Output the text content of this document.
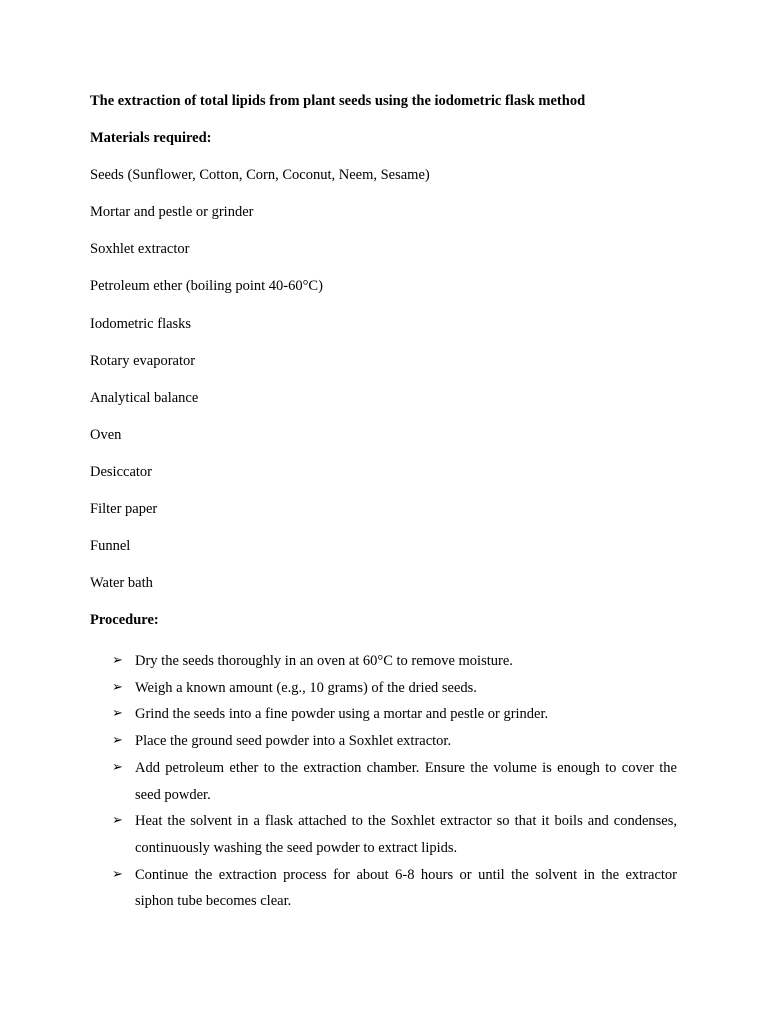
The extraction of total lipids from plant seeds using the iodometric flask method
Materials required:
Seeds (Sunflower, Cotton, Corn, Coconut, Neem, Sesame)
Mortar and pestle or grinder
Soxhlet extractor
Petroleum ether (boiling point 40-60°C)
Iodometric flasks
Rotary evaporator
Analytical balance
Oven
Desiccator
Filter paper
Funnel
Water bath
Procedure:
➢ Dry the seeds thoroughly in an oven at 60°C to remove moisture.
➢ Weigh a known amount (e.g., 10 grams) of the dried seeds.
➢ Grind the seeds into a fine powder using a mortar and pestle or grinder.
➢ Place the ground seed powder into a Soxhlet extractor.
➢ Add petroleum ether to the extraction chamber. Ensure the volume is enough to cover the seed powder.
➢ Heat the solvent in a flask attached to the Soxhlet extractor so that it boils and condenses, continuously washing the seed powder to extract lipids.
➢ Continue the extraction process for about 6-8 hours or until the solvent in the extractor siphon tube becomes clear.
